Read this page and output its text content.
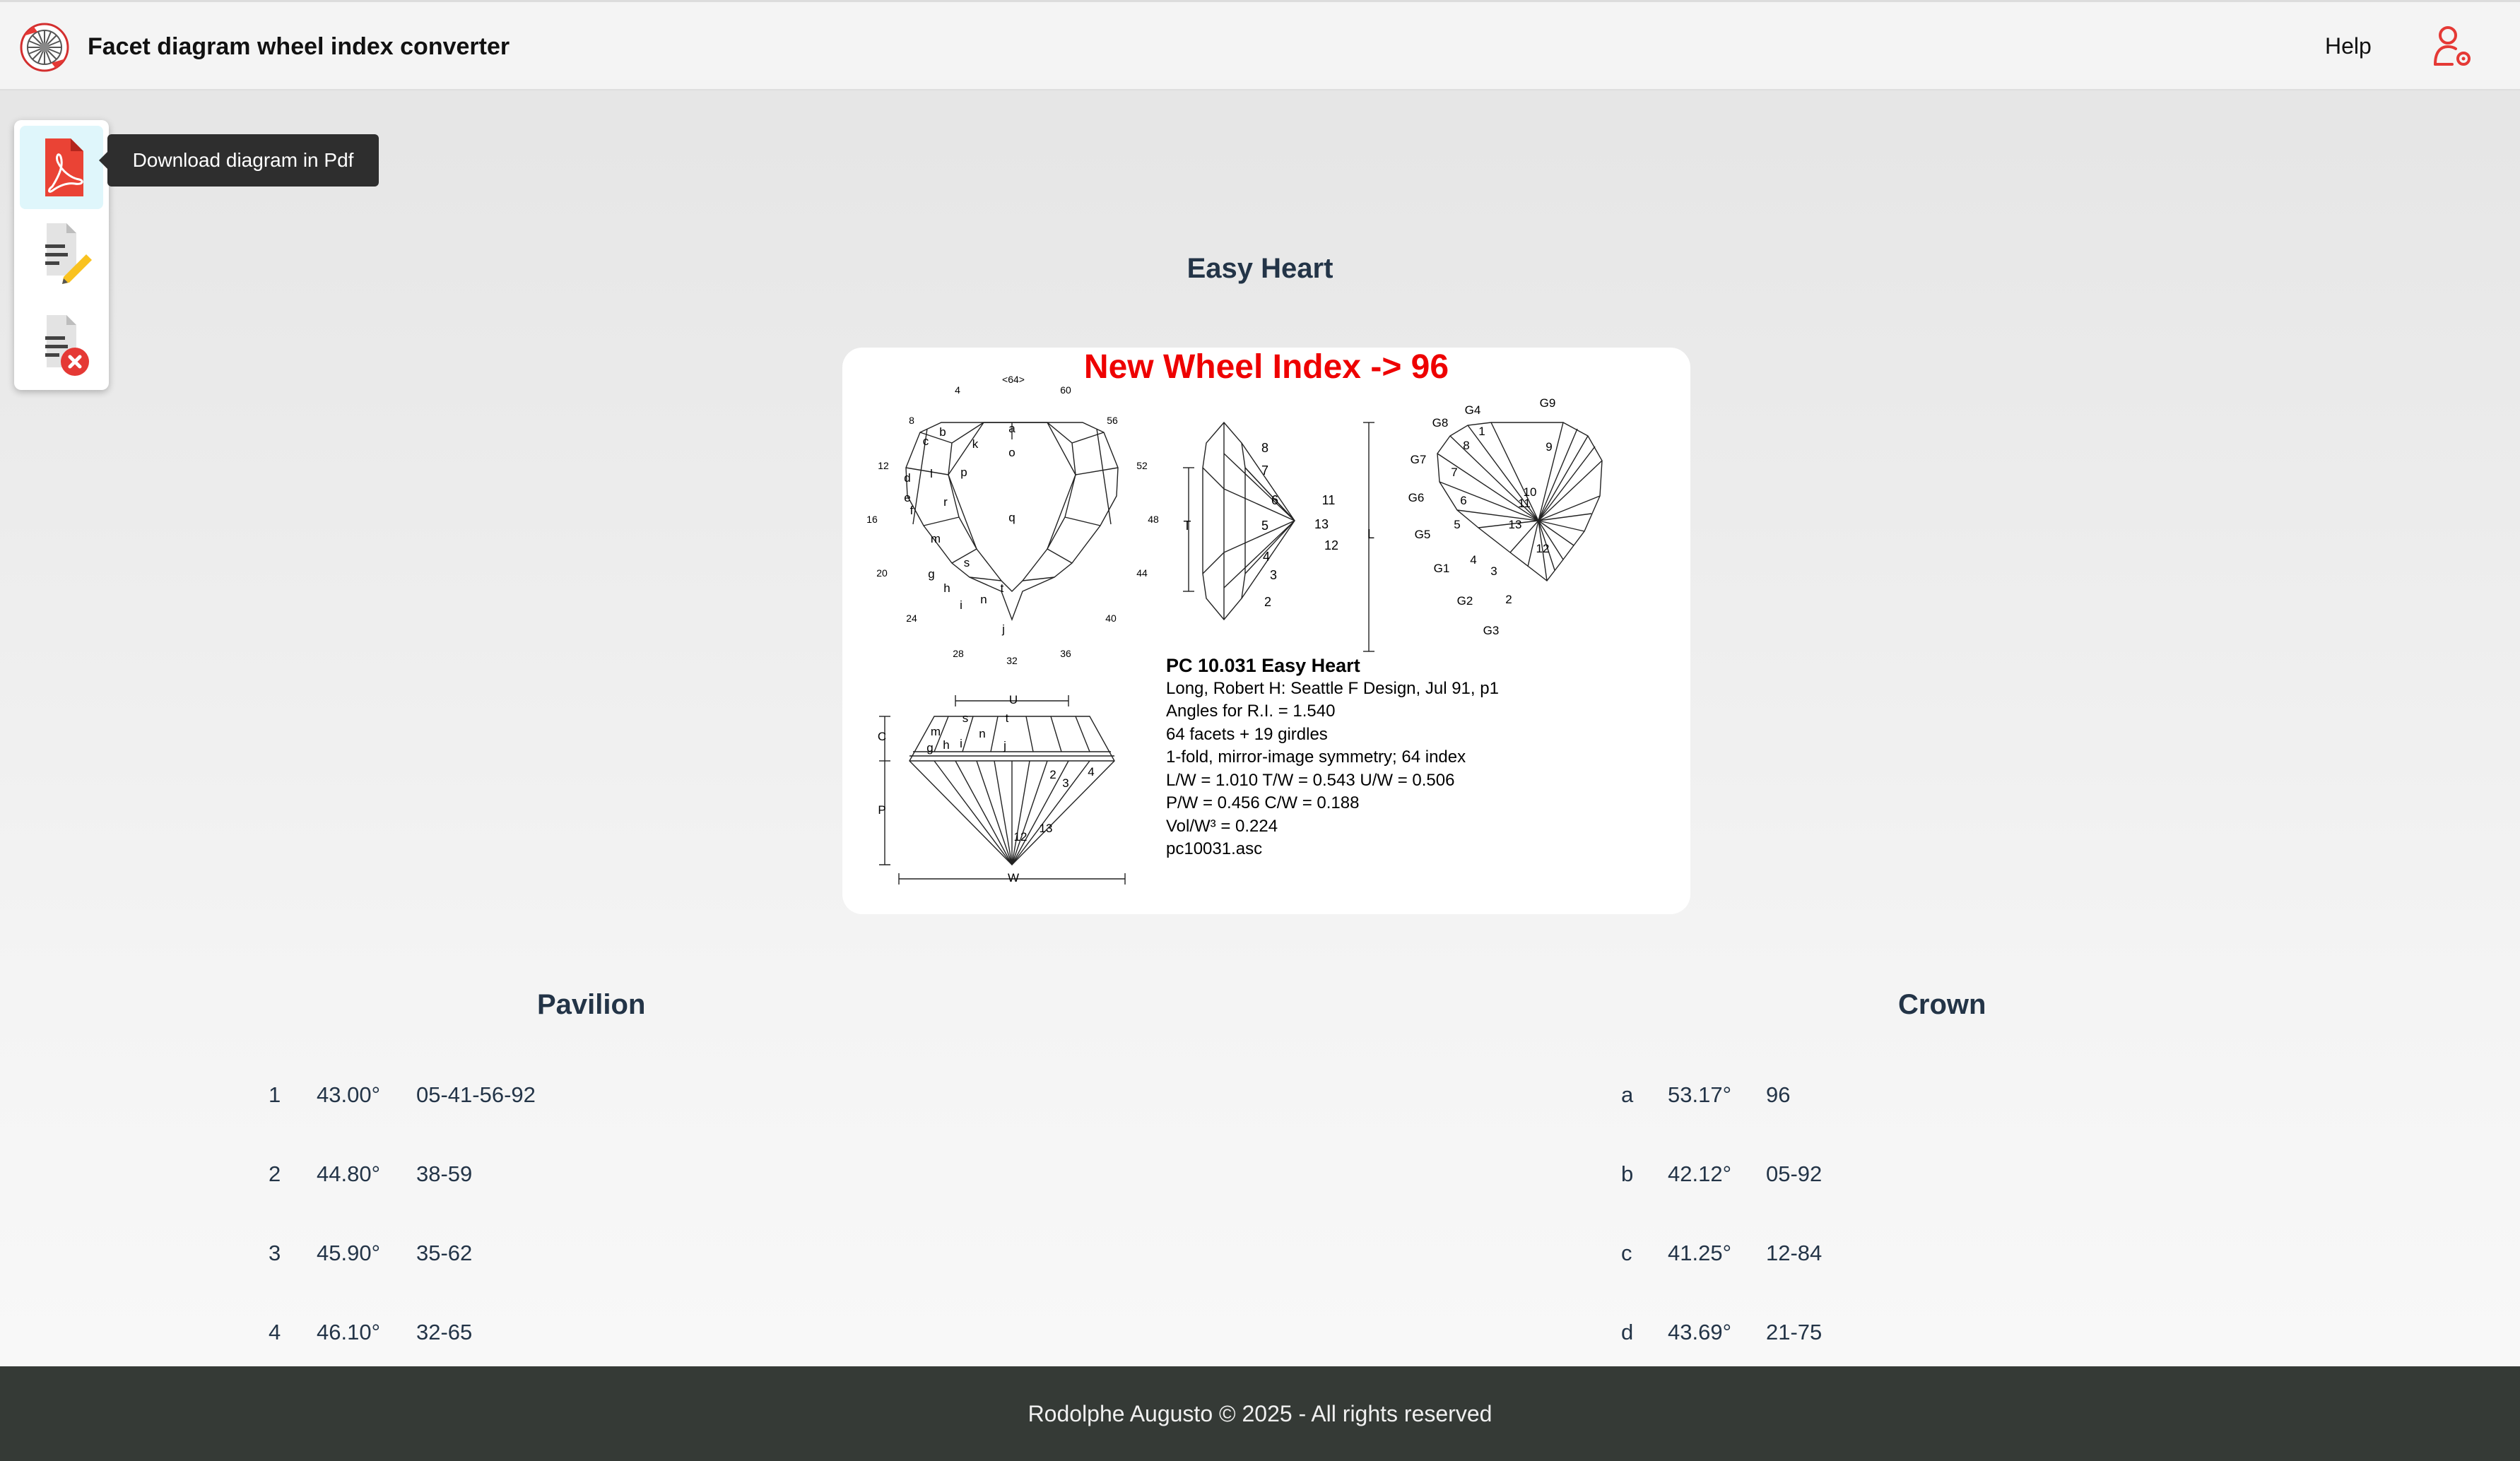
Facet diagram wheel index converter	Help
Download diagram in Pdf
Easy Heart
<64>
4
8
12
16
20
24
28
32
36
40
44
48
52
56
60
a
b
c
d
e
f
g
h
i
j
k
l
m
n
o
p
q
r
s
t
8
7
6
5
4
3
2
11
13
12
T
L
G4
G9
G8
1
9
8
G7
7
10
11
G6	6
G5
5	13
12
4
G1	3
G2	2
G3
U
C
P
W
m
g h i
s	t
n
j
2
3
4
12
13
New Wheel Index -> 96
PC 10.031 Easy Heart
Long, Robert H: Seattle F Design, Jul 91, p1
Angles for R.I. = 1.540
64 facets + 19 girdles
1-fold, mirror-image symmetry; 64 index
L/W = 1.010 T/W = 0.543 U/W = 0.506
P/W = 0.456 C/W = 0.188
Vol/W³ = 0.224
pc10031.asc
Pavilion
1 43.00° 05-41-56-92
2 44.80° 38-59
3 45.90° 35-62
4 46.10° 32-65
Crown
a 53.17° 96
b 42.12° 05-92
c 41.25° 12-84
d 43.69° 21-75
Rodolphe Augusto © 2025 - All rights reserved
